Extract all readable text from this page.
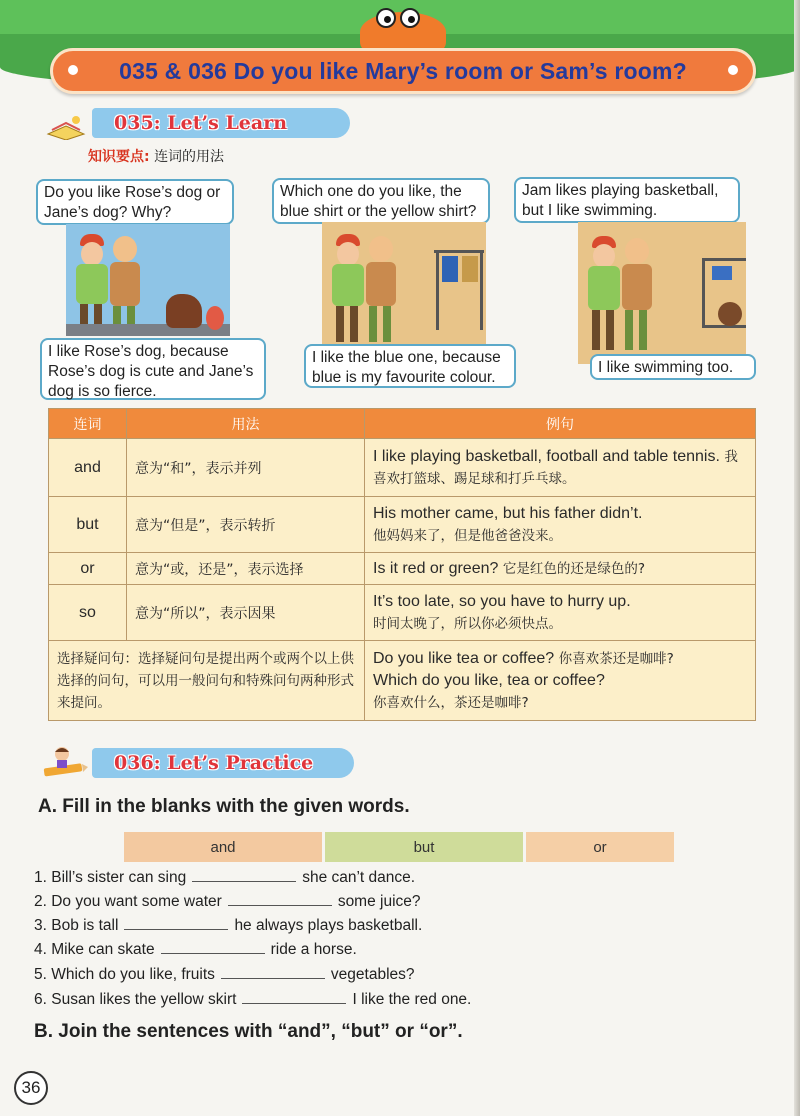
035 & 036 Do you like Mary’s room or Sam’s room?
035: Let’s Learn
知识要点: 连词的用法
Do you like Rose’s dog or Jane’s dog? Why?
I like Rose’s dog, because Rose’s dog is cute and Jane’s dog is so fierce.
Which one do you like, the blue shirt or the yellow shirt?
I like the blue one, because blue is my favourite colour.
Jam likes playing basketball, but I like swimming.
I like swimming too.
连词	用法	例句
and	意为“和”，表示并列	I like playing basketball, football and table tennis. 我喜欢打篮球、踢足球和打乒乓球。
but	意为“但是”，表示转折	His mother came, but his father didn’t.
他妈妈来了，但是他爸爸没来。
or	意为“或，还是”，表示选择	Is it red or green? 它是红色的还是绿色的?
so	意为“所以”，表示因果	It’s too late, so you have to hurry up.
时间太晚了，所以你必须快点。
选择疑问句：选择疑问句是提出两个或两个以上供选择的问句，可以用一般问句和特殊问句两种形式来提问。		Do you like tea or coffee? 你喜欢茶还是咖啡?
Which do you like, tea or coffee?
你喜欢什么，茶还是咖啡?
036: Let’s Practice
A. Fill in the blanks with the given words.
and	but	or
1. Bill’s sister can sing	she can’t dance.
2. Do you want some water	some juice?
3. Bob is tall	he always plays basketball.
4. Mike can skate	ride a horse.
5. Which do you like, fruits	vegetables?
6. Susan likes the yellow skirt	I like the red one.
B. Join the sentences with “and”, “but” or “or”.
36
